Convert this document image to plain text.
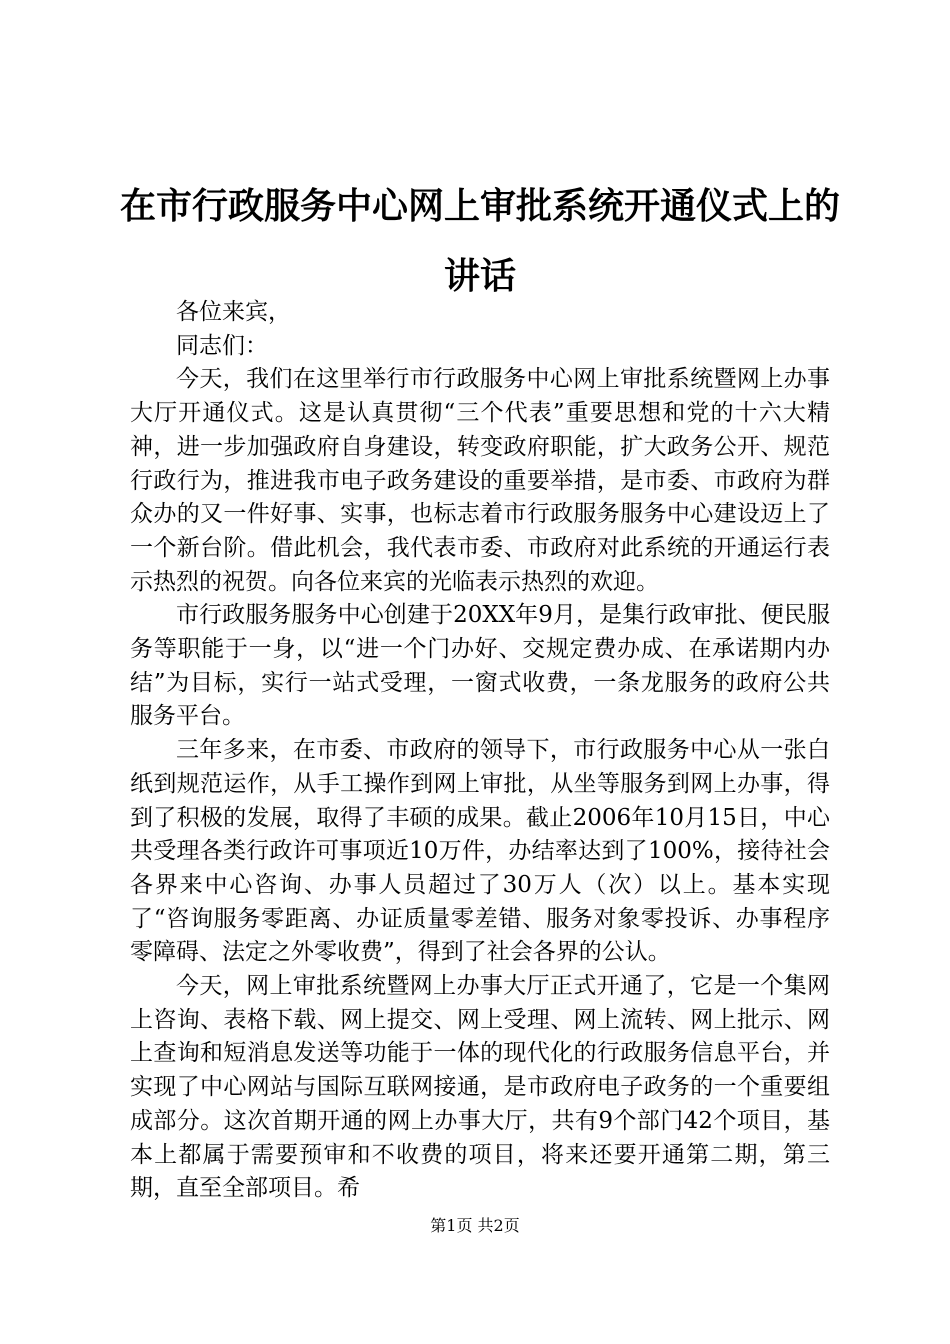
在市行政服务中心网上审批系统开通仪式上的讲话

各位来宾，

同志们：

今天，我们在这里举行市行政服务中心网上审批系统暨网上办事大厅开通仪式。这是认真贯彻“三个代表”重要思想和党的十六大精神，进一步加强政府自身建设，转变政府职能，扩大政务公开、规范行政行为，推进我市电子政务建设的重要举措，是市委、市政府为群众办的又一件好事、实事，也标志着市行政服务服务中心建设迈上了一个新台阶。借此机会，我代表市委、市政府对此系统的开通运行表示热烈的祝贺。向各位来宾的光临表示热烈的欢迎。

市行政服务服务中心创建于20XX年9月，是集行政审批、便民服务等职能于一身，以“进一个门办好、交规定费办成、在承诺期内办结”为目标，实行一站式受理，一窗式收费，一条龙服务的政府公共服务平台。

三年多来，在市委、市政府的领导下，市行政服务中心从一张白纸到规范运作，从手工操作到网上审批，从坐等服务到网上办事，得到了积极的发展，取得了丰硕的成果。截止2006年10月15日，中心共受理各类行政许可事项近10万件，办结率达到了100%，接待社会各界来中心咨询、办事人员超过了30万人（次）以上。基本实现了“咨询服务零距离、办证质量零差错、服务对象零投诉、办事程序零障碍、法定之外零收费”，得到了社会各界的公认。

今天，网上审批系统暨网上办事大厅正式开通了，它是一个集网上咨询、表格下载、网上提交、网上受理、网上流转、网上批示、网上查询和短消息发送等功能于一体的现代化的行政服务信息平台，并实现了中心网站与国际互联网接通，是市政府电子政务的一个重要组成部分。这次首期开通的网上办事大厅，共有9个部门42个项目，基本上都属于需要预审和不收费的项目，将来还要开通第二期，第三期，直至全部项目。希

第1页 共2页
